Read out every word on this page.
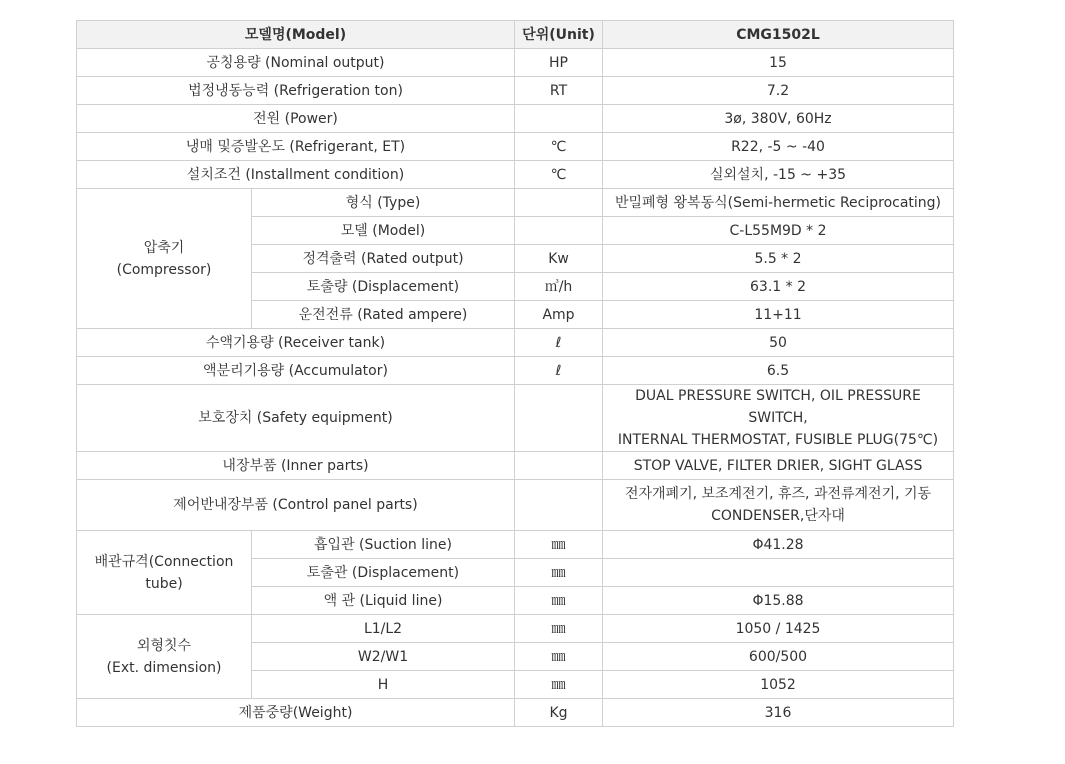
모델명(Model)		단위(Unit)	CMG1502L
공칭용량 (Nominal output)		HP	15
법정냉동능력 (Refrigeration ton)		RT	7.2
전원 (Power)			3ø, 380V, 60Hz
냉매 및증발온도 (Refrigerant, ET)		℃	R22, -5 ~ -40
설치조건 (Installment condition)		℃	실외설치, -15 ~ +35
압축기
(Compressor)	형식 (Type)		반밀폐형 왕복동식(Semi-hermetic Reciprocating)
	모델 (Model)		C-L55M9D * 2
	정격출력 (Rated output)	Kw	5.5 * 2
	토출량 (Displacement)	㎥/h	63.1 * 2
	운전전류 (Rated ampere)	Amp	11+11
수액기용량 (Receiver tank)		ℓ	50
액분리기용량 (Accumulator)		ℓ	6.5
보호장치 (Safety equipment)			DUAL PRESSURE SWITCH, OIL PRESSURE SWITCH,
INTERNAL THERMOSTAT, FUSIBLE PLUG(75℃)
내장부품 (Inner parts)			STOP VALVE, FILTER DRIER, SIGHT GLASS
제어반내장부품 (Control panel parts)			전자개폐기, 보조계전기, 휴즈, 과전류계전기, 기동
CONDENSER,단자대
배관규격(Connection
tube)	흡입관 (Suction line)	㎜	Φ41.28
	토출관 (Displacement)	㎜	
	액 관 (Liquid line)	㎜	Φ15.88
외형칫수
(Ext. dimension)	L1/L2	㎜	1050 / 1425
	W2/W1	㎜	600/500
	H	㎜	1052
제품중량(Weight)		Kg	316
